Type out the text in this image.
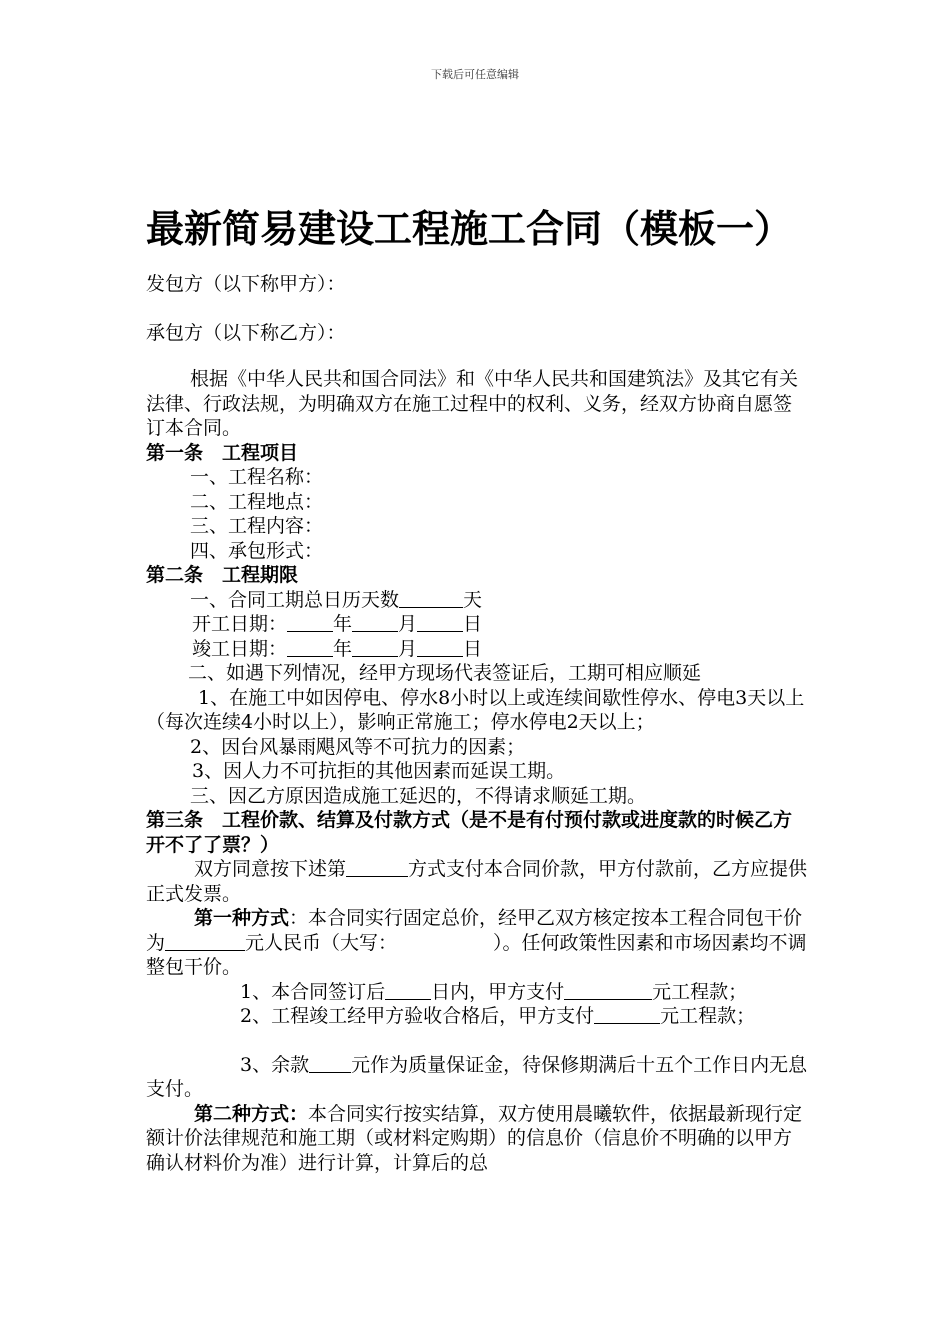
下载后可任意编辑
最新简易建设工程施工合同（模板一）
发包方（以下称甲方）：
承包方（以下称乙方）：

根据《中华人民共和国合同法》和《中华人民共和国建筑法》及其它有关法律、行政法规，为明确双方在施工过程中的权利、义务，经双方协商自愿签订本合同。

第一条　工程项目
一、工程名称：
二、工程地点：
三、工程内容：
四、承包形式：
第二条　工程期限
一、合同工期总日历天数	天
开工日期： 年 月 日
竣工日期： 年 月 日
二、如遇下列情况，经甲方现场代表签证后，工期可相应顺延

1、在施工中如因停电、停水8小时以上或连续间歇性停水、停电3天以上（每次连续4小时以上），影响正常施工；停水停电2天以上；

2、因台风暴雨飓风等不可抗力的因素；
3、因人力不可抗拒的其他因素而延误工期。
三、因乙方原因造成施工延迟的，不得请求顺延工期。

第三条　工程价款、结算及付款方式（是不是有付预付款或进度款的时候乙方开不了了票？）

双方同意按下述第	方式支付本合同价款，甲方付款前，乙方应提供正式发票。

第一种方式：本合同实行固定总价，经甲乙双方核定按本工程合同包干价为	元人民币（大写：	）。任何政策性因素和市场因素均不调整包干价。

1、本合同签订后 日内，甲方支付	元工程款；

2、工程竣工经甲方验收合格后，甲方支付	元工程款；

3、余款 元作为质量保证金，待保修期满后十五个工作日内无息支付。

第二种方式：本合同实行按实结算，双方使用晨曦软件，依据最新现行定额计价法律规范和施工期（或材料定购期）的信息价（信息价不明确的以甲方确认材料价为准）进行计算，计算后的总
